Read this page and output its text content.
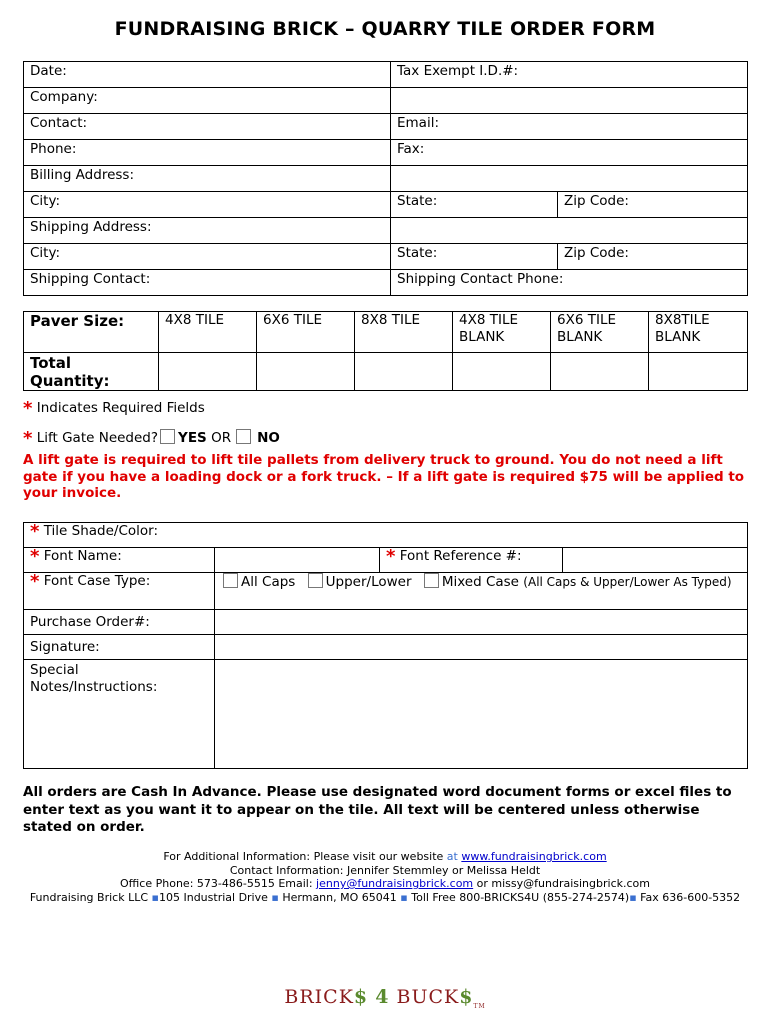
FUNDRAISING BRICK – QUARRY TILE ORDER FORM
Date:	Tax Exempt I.D.#:	
Company:		
Contact:	Email:	
Phone:	Fax:	
Billing Address:		
City:	State:	Zip Code:
Shipping Address:		
City:	State:	Zip Code:
Shipping Contact:	Shipping Contact Phone:	
Paver Size:	4X8 TILE	6X6 TILE	8X8 TILE	4X8 TILE BLANK	6X6 TILE BLANK	8X8TILE BLANK
Total
Quantity:						
* Indicates Required Fields
* Lift Gate Needed? YES OR NO
A lift gate is required to lift tile pallets from delivery truck to ground. You do not need a lift gate if you have a loading dock or a fork truck. – If a lift gate is required $75 will be applied to your invoice.
* Tile Shade/Color:			
* Font Name:		* Font Reference #:	
* Font Case Type:	All Caps Upper/Lower Mixed Case (All Caps & Upper/Lower As Typed)		
Purchase Order#:			
Signature:			
Special
Notes/Instructions:			
All orders are Cash In Advance. Please use designated word document forms or excel files to enter text as you want it to appear on the tile. All text will be centered unless otherwise stated on order.
For Additional Information: Please visit our website at www.fundraisingbrick.com
Contact Information: Jennifer Stemmley or Melissa Heldt
Office Phone: 573-486-5515 Email: jenny@fundraisingbrick.com or missy@fundraisingbrick.com
Fundraising Brick LLC ▪105 Industrial Drive ▪ Hermann, MO 65041 ▪ Toll Free 800-BRICKS4U (855-274-2574)▪ Fax 636-600-5352
BRICK$ 4 $BUCK\$_{TM}$
